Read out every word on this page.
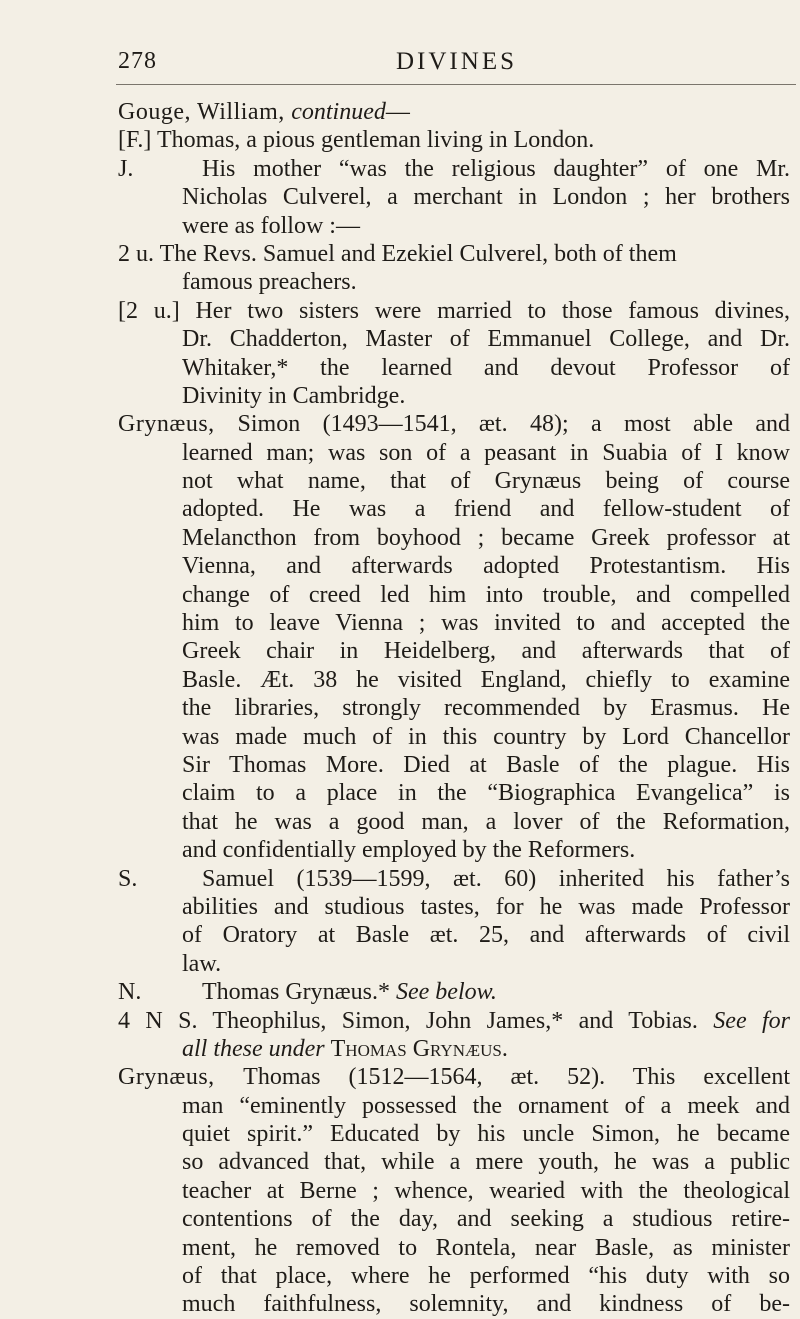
278	DIVINES
Gouge, William, continued—
[F.] Thomas, a pious gentleman living in London.
J.	His mother “was the religious daughter” of one Mr.
Nicholas Culverel, a merchant in London ; her brothers
were as follow :—
2 u. The Revs. Samuel and Ezekiel Culverel, both of them
famous preachers.
[2 u.] Her two sisters were married to those famous divines,
Dr. Chadderton, Master of Emmanuel College, and Dr.
Whitaker,* the learned and devout Professor of
Divinity in Cambridge.
Grynæus, Simon (1493—1541, æt. 48); a most able and
learned man; was son of a peasant in Suabia of I know
not what name, that of Grynæus being of course
adopted. He was a friend and fellow-student of
Melancthon from boyhood ; became Greek professor at
Vienna, and afterwards adopted Protestantism. His
change of creed led him into trouble, and compelled
him to leave Vienna ; was invited to and accepted the
Greek chair in Heidelberg, and afterwards that of
Basle. Æt. 38 he visited England, chiefly to examine
the libraries, strongly recommended by Erasmus. He
was made much of in this country by Lord Chancellor
Sir Thomas More. Died at Basle of the plague. His
claim to a place in the “Biographica Evangelica” is
that he was a good man, a lover of the Reformation,
and confidentially employed by the Reformers.
S.	Samuel (1539—1599, æt. 60) inherited his father’s
abilities and studious tastes, for he was made Professor
of Oratory at Basle æt. 25, and afterwards of civil
law.
N.	Thomas Grynæus.* See below.
4 N S. Theophilus, Simon, John James,* and Tobias. See for
all these under Thomas Grynæus.
Grynæus, Thomas (1512—1564, æt. 52). This excellent
man “eminently possessed the ornament of a meek and
quiet spirit.” Educated by his uncle Simon, he became
so advanced that, while a mere youth, he was a public
teacher at Berne ; whence, wearied with the theological
contentions of the day, and seeking a studious retire-
ment, he removed to Rontela, near Basle, as minister
of that place, where he performed “his duty with so
much faithfulness, solemnity, and kindness of be-
